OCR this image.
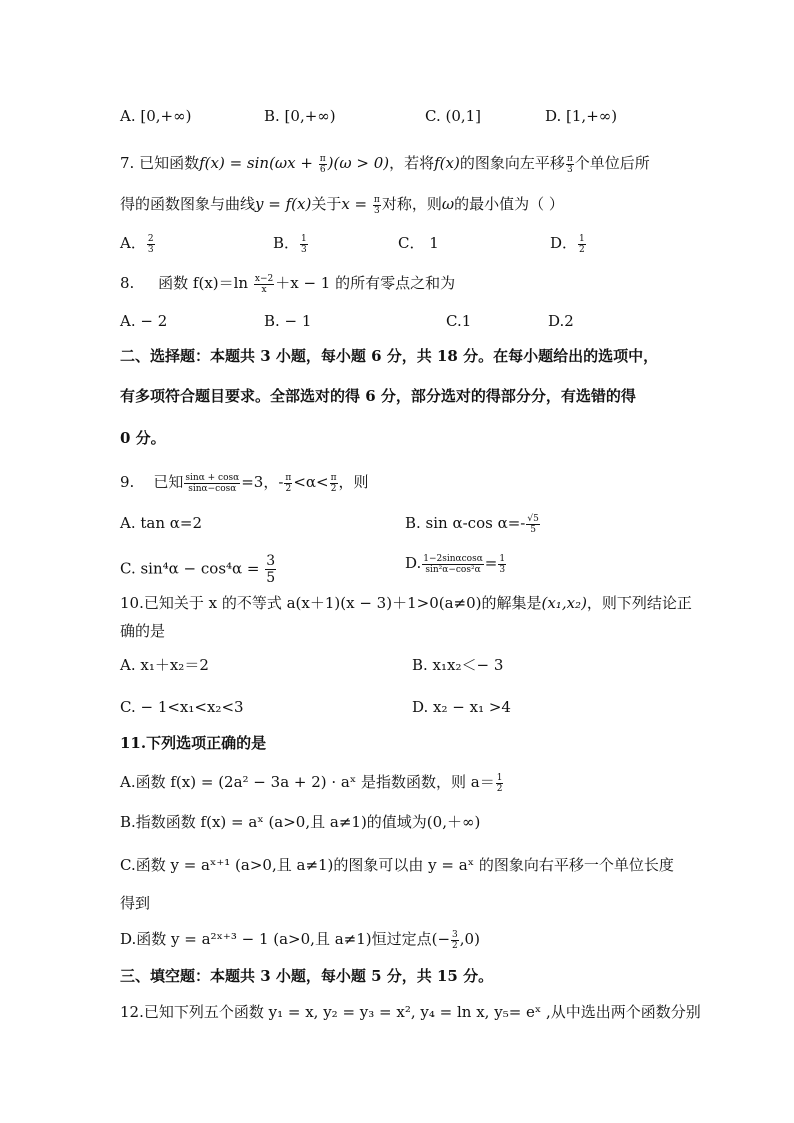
A. [0,+∞)	B. [0,+∞)	C. (0,1]	D. [1,+∞)
7. 已知函数$f(x) = \sin(\omega x + \frac{\pi}{6} )(\omega > 0)$，若将f(x)的图象向左平移 $\frac{\pi}{3}$ 个单位后所
得的函数图象与曲线y = f(x)关于$x = \frac{\pi}{3}$ 对称，则ω的最小值为（ ）
A． $\frac{2}{3}$	B． $\frac{1}{3}$	C． 1	D． $\frac{1}{2}$
8. 函数 $f(x)=\ln \frac{x-2}{x} +x - 1$ 的所有零点之和为
A. − 2	B. − 1	C.1	D.2
二、选择题：本题共 3 小题，每小题 6 分，共 18 分。在每小题给出的选项中，
有多项符合题目要求。全部选对的得 6 分，部分选对的得部分分，有选错的得
0 分。
9. 已知 $\frac{\sin\alpha + \cos\alpha}{\sin\alpha-\cos\alpha} =3$，- $\frac{\pi}{2} <\alpha< \frac{\pi}{2}$ ，则
A. tan α=2	B. sin α-cos $\alpha=- \frac{√5}{5}$
C. $\sin^4\alpha - \cos^4\alpha = \frac{3}{5}$	D. $\frac{1-2\sin\alpha\cos\alpha}{\text{sin²α−cos²α}} = \frac{1}{3}$
10.已知关于 x 的不等式 a(x＋1)(x − 3)＋1>0(a≠0)的解集是(x₁,x₂)，则下列结论正
确的是
A. x₁＋x₂＝2	B. x₁x₂＜− 3
C. − 1<x₁<x₂<3	D. x₂ − x₁ >4
11.下列选项正确的是
A.函数 f(x) = (2a² − 3a + 2) · aˣ 是指数函数，则 $a= \frac{1}{2}$
B.指数函数 f(x) = aˣ (a>0,且 a≠1)的值域为(0,＋∞)
C.函数 y = aˣ⁺¹ (a>0,且 a≠1)的图象可以由 y = aˣ 的图象向右平移一个单位长度
得到
D.函数 y = a²ˣ⁺³ − 1 (a>0,且 a≠1)恒过定点(− $\frac{3}{2} ,0$)
三、填空题：本题共 3 小题，每小题 5 分，共 15 分。
12.已知下列五个函数 y₁ = x, y₂ = y₃ = x², y₄ = ln x, y₅= eˣ ,从中选出两个函数分别
